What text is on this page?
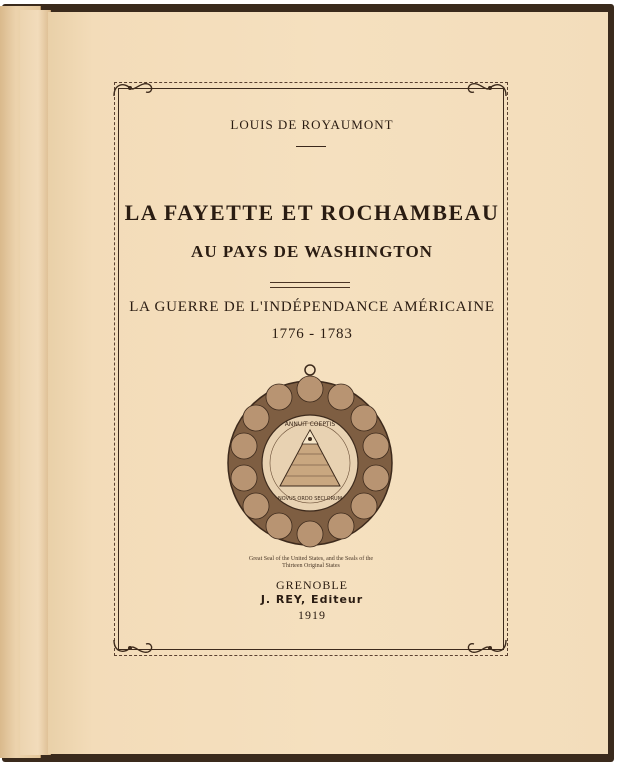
LOUIS DE ROYAUMONT
LA FAYETTE ET ROCHAMBEAU
AU PAYS DE WASHINGTON
LA GUERRE DE L'INDÉPENDANCE AMÉRICAINE
1776 - 1783
ANNUIT COEPTIS
NOVUS ORDO SECLORUM
Great Seal of the United States, and the Seals of the Thirteen Original States
GRENOBLE
J. REY, Editeur
1919
